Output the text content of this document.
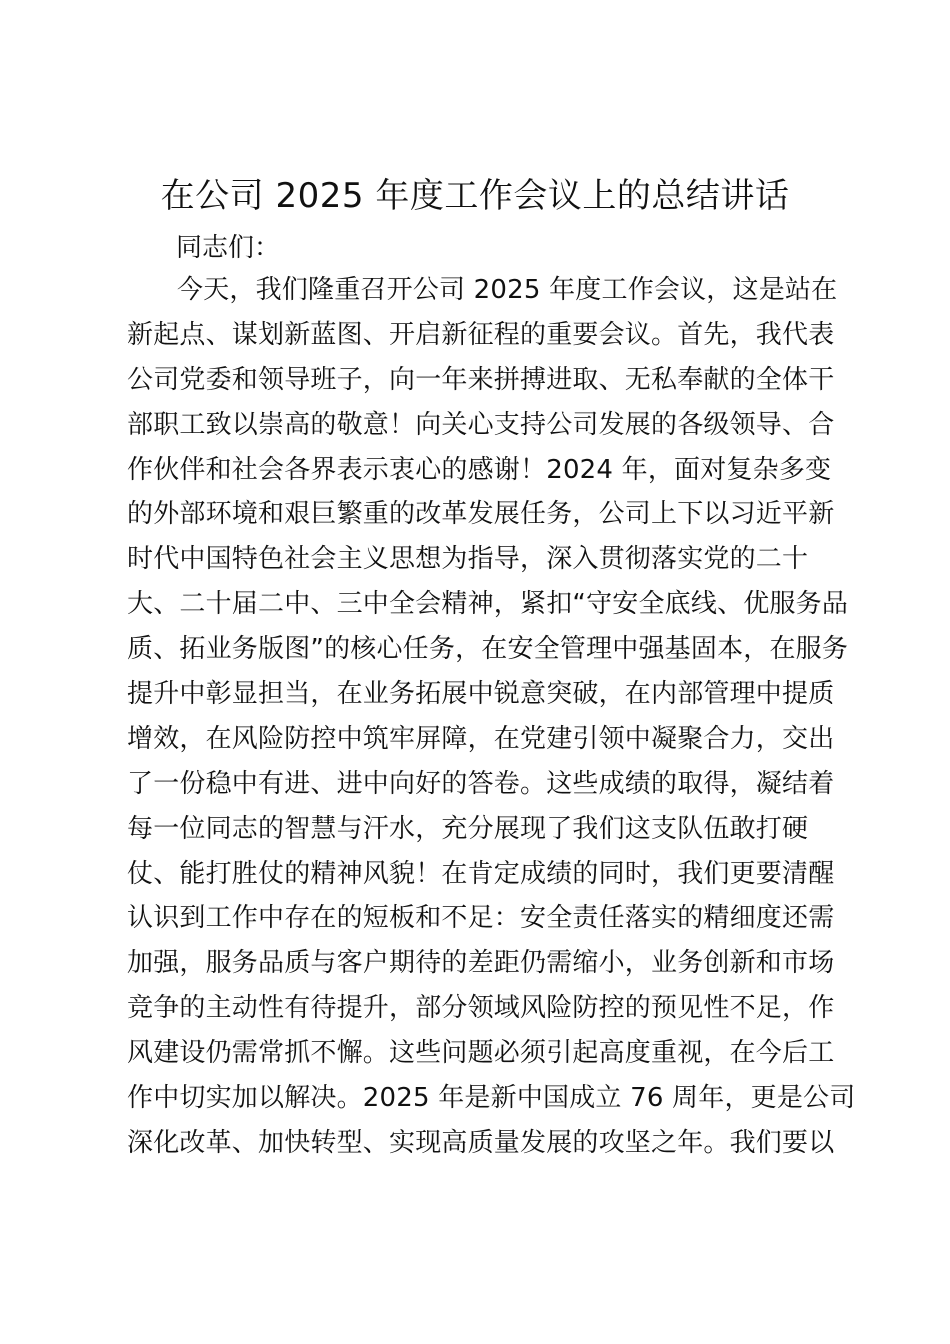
在公司 2025 年度工作会议上的总结讲话

同志们：

今天，我们隆重召开公司 2025 年度工作会议，这是站在
新起点、谋划新蓝图、开启新征程的重要会议。首先，我代表
公司党委和领导班子，向一年来拼搏进取、无私奉献的全体干
部职工致以崇高的敬意！向关心支持公司发展的各级领导、合
作伙伴和社会各界表示衷心的感谢！2024 年，面对复杂多变
的外部环境和艰巨繁重的改革发展任务，公司上下以习近平新
时代中国特色社会主义思想为指导，深入贯彻落实党的二十
大、二十届二中、三中全会精神，紧扣“守安全底线、优服务品
质、拓业务版图”的核心任务，在安全管理中强基固本，在服务
提升中彰显担当，在业务拓展中锐意突破，在内部管理中提质
增效，在风险防控中筑牢屏障，在党建引领中凝聚合力，交出
了一份稳中有进、进中向好的答卷。这些成绩的取得，凝结着
每一位同志的智慧与汗水，充分展现了我们这支队伍敢打硬
仗、能打胜仗的精神风貌！在肯定成绩的同时，我们更要清醒
认识到工作中存在的短板和不足：安全责任落实的精细度还需
加强，服务品质与客户期待的差距仍需缩小，业务创新和市场
竞争的主动性有待提升，部分领域风险防控的预见性不足，作
风建设仍需常抓不懈。这些问题必须引起高度重视，在今后工
作中切实加以解决。2025 年是新中国成立 76 周年，更是公司
深化改革、加快转型、实现高质量发展的攻坚之年。我们要以
